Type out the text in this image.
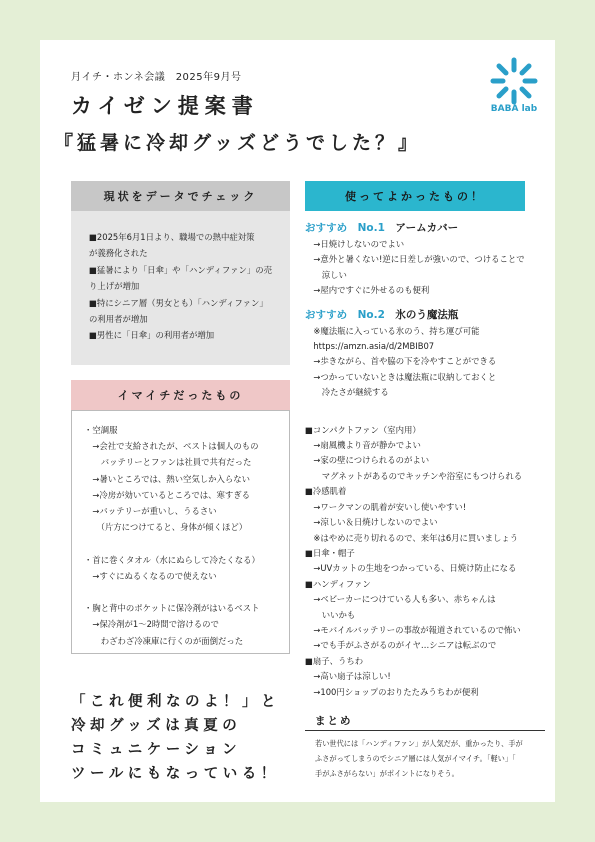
月イチ・ホンネ会議　2025年9月号
カイゼン提案書
『猛暑に冷却グッズどうでした？』
BABA lab
現状をデータでチェック
■2025年6月1日より、職場での熱中症対策
が義務化された
■猛暑により「日傘」や「ハンディファン」の売
り上げが増加
■特にシニア層（男女とも）「ハンディファン」
の利用者が増加
■男性に「日傘」の利用者が増加
イマイチだったもの
・空調服
　→会社で支給されたが、ベストは個人のもの
　　バッテリーとファンは社員で共有だった
　→暑いところでは、熱い空気しか入らない
　→冷房が効いているところでは、寒すぎる
　→バッテリーが重いし、うるさい
　　（片方につけてると、身体が傾くほど）

・首に巻くタオル（水にぬらして冷たくなる）
　→すぐにぬるくなるので使えない

・胸と背中のポケットに保冷剤がはいるベスト
　→保冷剤が1〜2時間で溶けるので
　　わざわざ冷凍庫に行くのが面倒だった
使ってよかったもの！
おすすめ　No.1　アームカバー
　→日焼けしないのでよい
　→意外と暑くない!逆に日差しが強いので、つけることで
　　涼しい
　→屋内ですぐに外せるのも便利
おすすめ　No.2　氷のう魔法瓶
　※魔法瓶に入っている氷のう、持ち運び可能
　https://amzn.asia/d/2MBIB07
　→歩きながら、首や脇の下を冷やすことができる
　→つかっていないときは魔法瓶に収納しておくと
　　冷たさが継続する
■コンパクトファン（室内用）
　→扇風機より音が静かでよい
　→家の壁につけられるのがよい
　　マグネットがあるのでキッチンや浴室にもつけられる
■冷感肌着
　→ワークマンの肌着が安いし使いやすい!
　→涼しい＆日焼けしないのでよい
　※はやめに売り切れるので、来年は6月に買いましょう
■日傘・帽子
　→UVカットの生地をつかっている、日焼け防止になる
■ハンディファン
　→ベビーカーにつけている人も多い、赤ちゃんは
　　いいかも
　→モバイルバッテリーの事故が報道されているので怖い
　→でも手がふさがるのがイヤ…シニアは転ぶので
■扇子、うちわ
　→高い扇子は涼しい!
　→100円ショップのおりたたみうちわが便利
「これ便利なのよ！」と
冷却グッズは真夏の
コミュニケーション
ツールにもなっている！
まとめ
若い世代には「ハンディファン」が人気だが、重かったり、手が
ふさがってしまうのでシニア層には人気がイマイチ。「軽い」「
手がふさがらない」がポイントになりそう。
